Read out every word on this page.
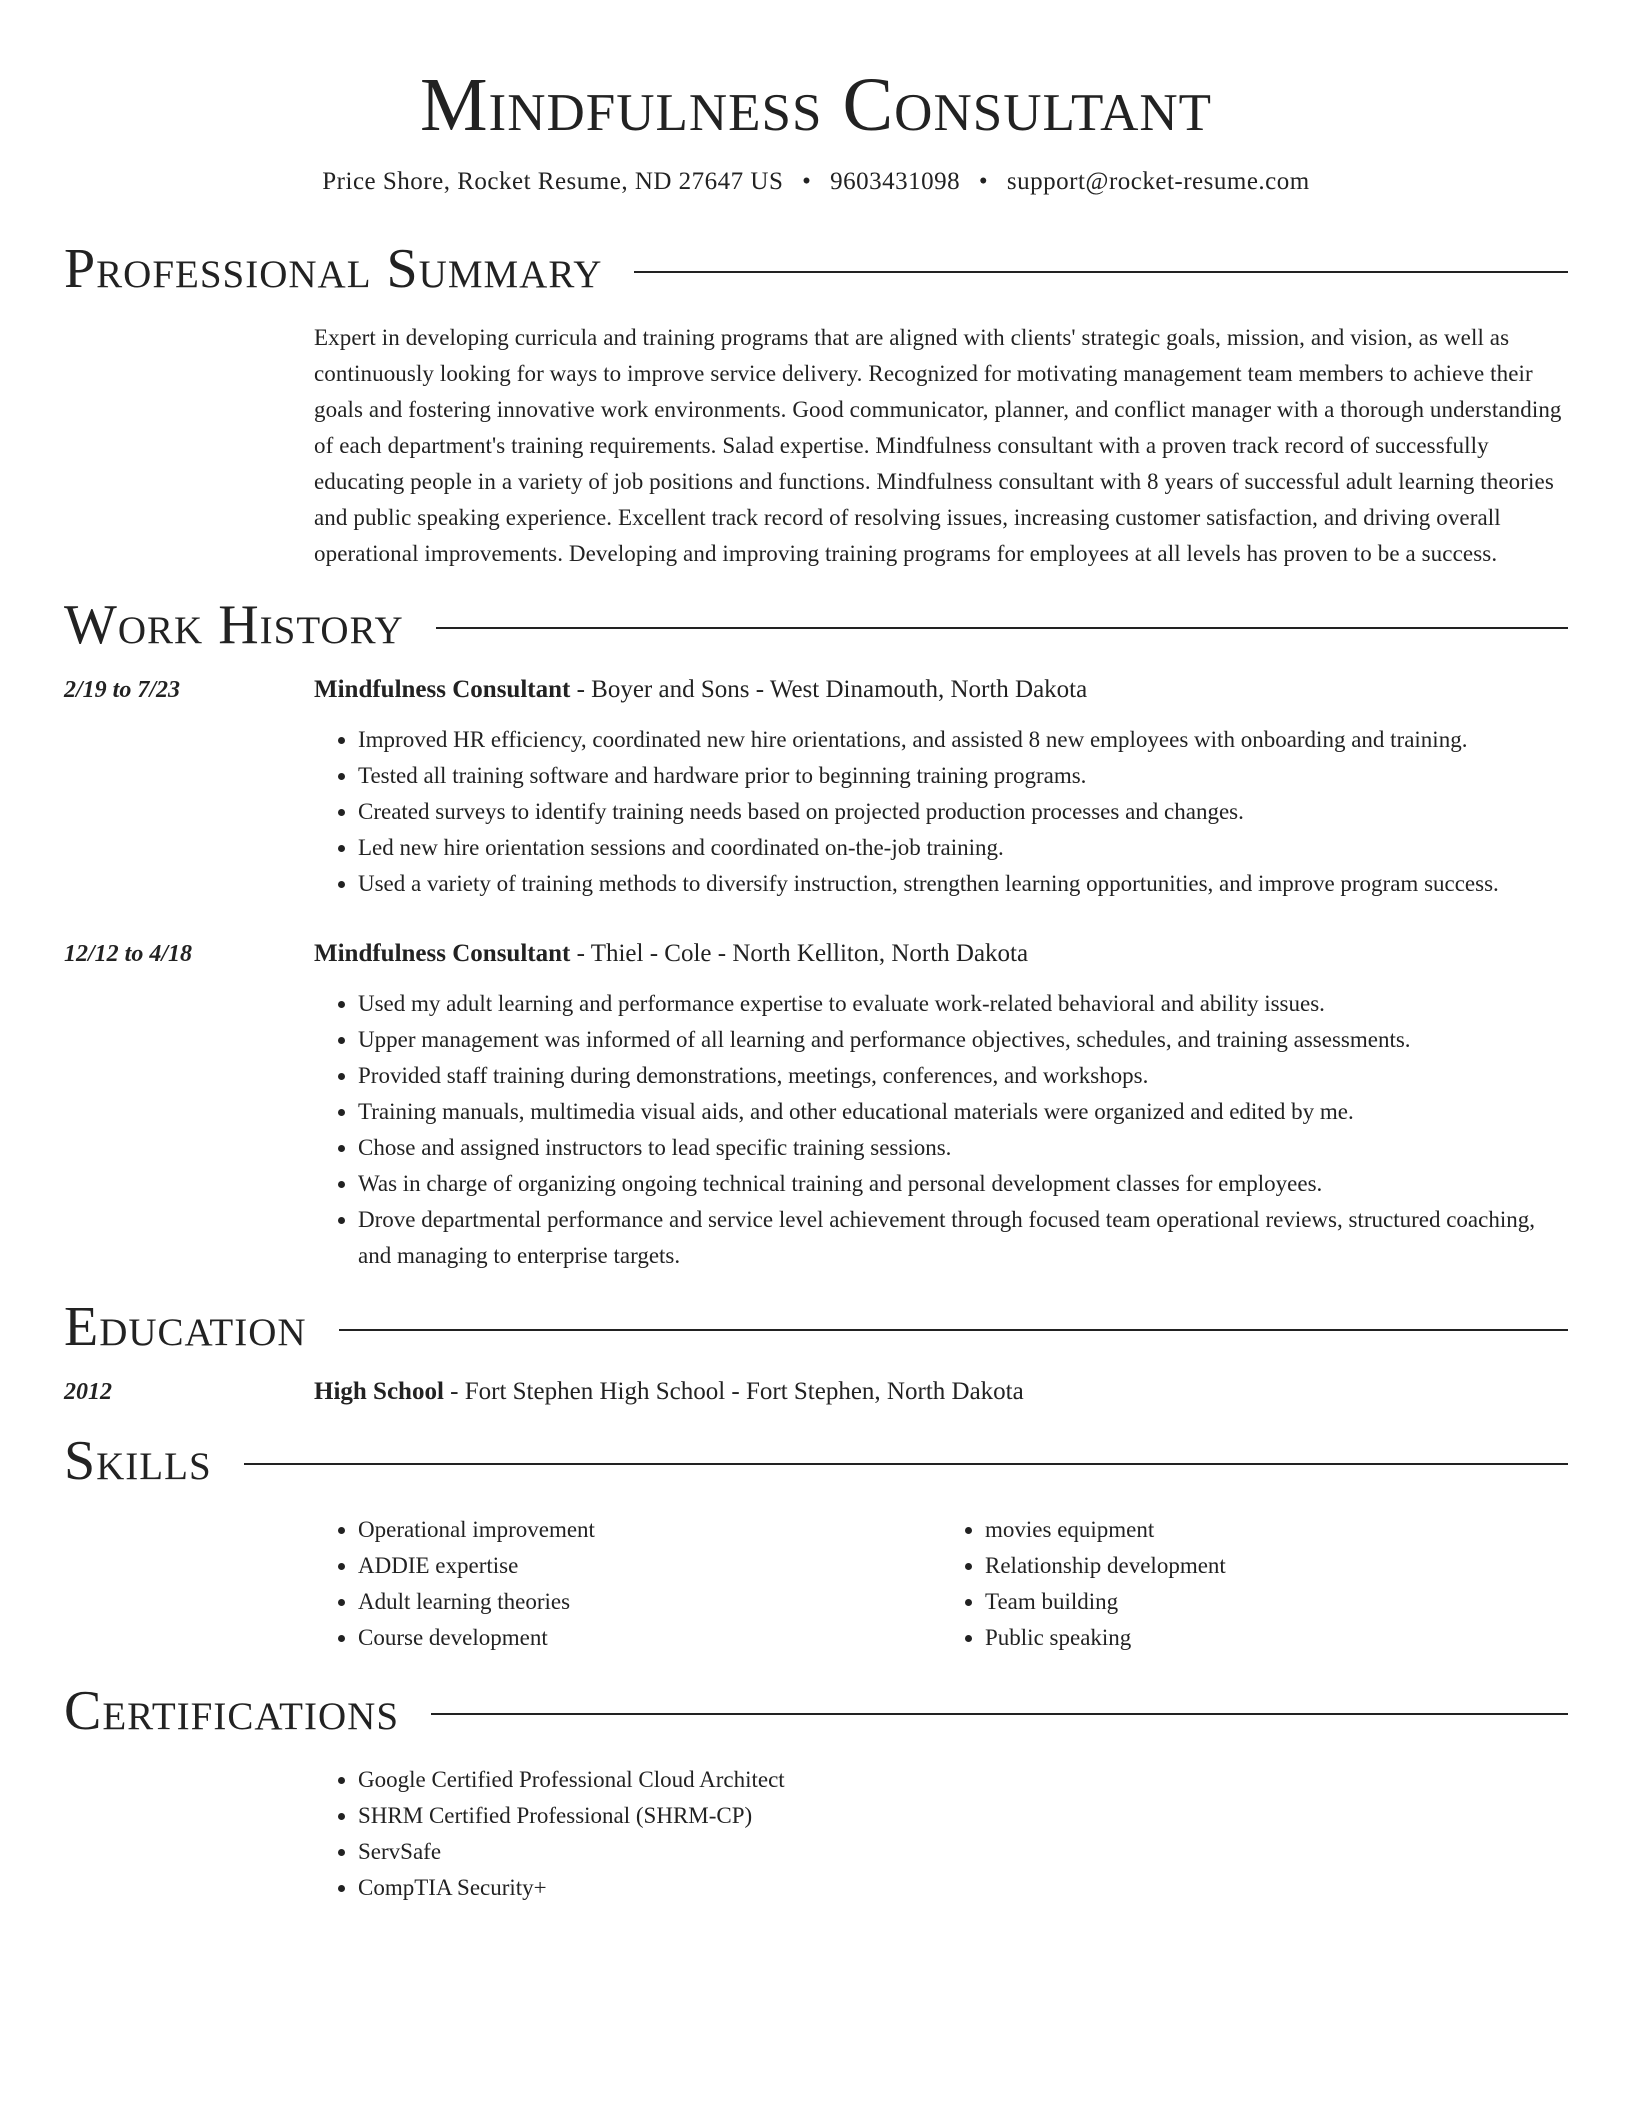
Mindfulness Consultant
Price Shore, Rocket Resume, ND 27647 US • 9603431098 • support@rocket-resume.com
Professional Summary
Expert in developing curricula and training programs that are aligned with clients' strategic goals, mission, and vision, as well as continuously looking for ways to improve service delivery. Recognized for motivating management team members to achieve their goals and fostering innovative work environments. Good communicator, planner, and conflict manager with a thorough understanding of each department's training requirements. Salad expertise. Mindfulness consultant with a proven track record of successfully educating people in a variety of job positions and functions. Mindfulness consultant with 8 years of successful adult learning theories and public speaking experience. Excellent track record of resolving issues, increasing customer satisfaction, and driving overall operational improvements. Developing and improving training programs for employees at all levels has proven to be a success.
Work History
2/19 to 7/23	Mindfulness Consultant - Boyer and Sons - West Dinamouth, North Dakota
• Improved HR efficiency, coordinated new hire orientations, and assisted 8 new employees with onboarding and training.
• Tested all training software and hardware prior to beginning training programs.
• Created surveys to identify training needs based on projected production processes and changes.
• Led new hire orientation sessions and coordinated on-the-job training.
• Used a variety of training methods to diversify instruction, strengthen learning opportunities, and improve program success.
12/12 to 4/18	Mindfulness Consultant - Thiel - Cole - North Kelliton, North Dakota
• Used my adult learning and performance expertise to evaluate work-related behavioral and ability issues.
• Upper management was informed of all learning and performance objectives, schedules, and training assessments.
• Provided staff training during demonstrations, meetings, conferences, and workshops.
• Training manuals, multimedia visual aids, and other educational materials were organized and edited by me.
• Chose and assigned instructors to lead specific training sessions.
• Was in charge of organizing ongoing technical training and personal development classes for employees.
• Drove departmental performance and service level achievement through focused team operational reviews, structured coaching, and managing to enterprise targets.
Education
2012	High School - Fort Stephen High School - Fort Stephen, North Dakota
Skills
• Operational improvement
• ADDIE expertise
• Adult learning theories
• Course development
• movies equipment
• Relationship development
• Team building
• Public speaking
Certifications
• Google Certified Professional Cloud Architect
• SHRM Certified Professional (SHRM-CP)
• ServSafe
• CompTIA Security+
